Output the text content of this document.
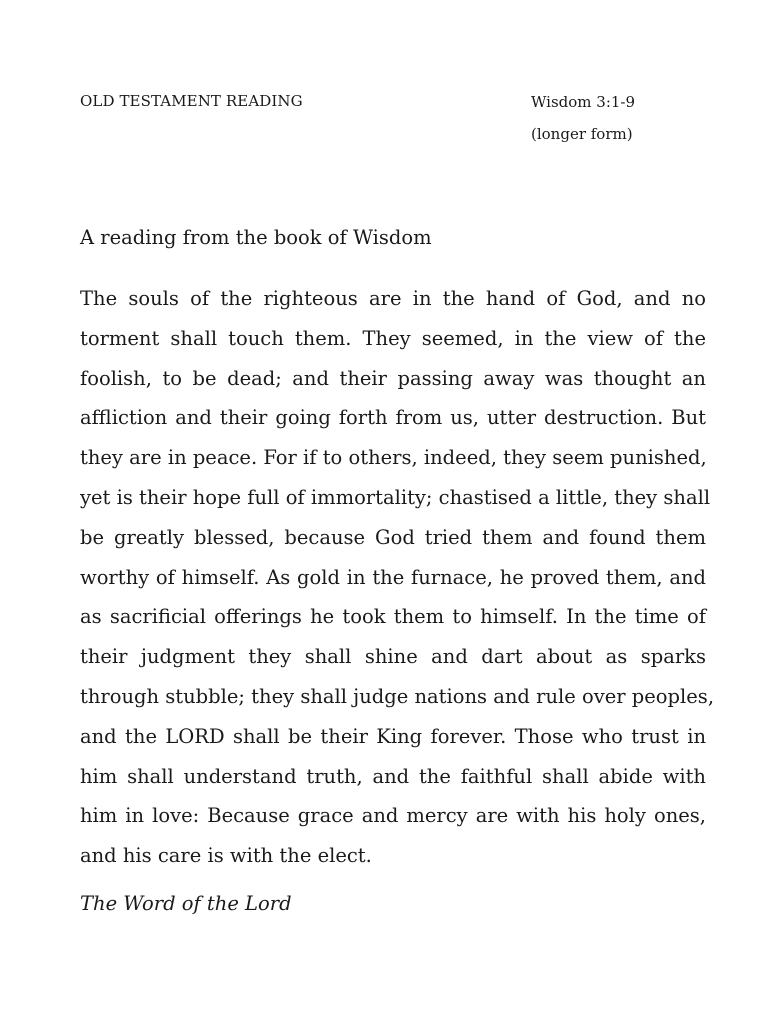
OLD TESTAMENT READING	Wisdom 3:1-9
(longer form)
A reading from the book of Wisdom
The souls of the righteous are in the hand of God, and no
torment shall touch them. They seemed, in the view of the
foolish, to be dead; and their passing away was thought an
affliction and their going forth from us, utter destruction. But
they are in peace. For if to others, indeed, they seem punished,
yet is their hope full of immortality; chastised a little, they shall
be greatly blessed, because God tried them and found them
worthy of himself. As gold in the furnace, he proved them, and
as sacrificial offerings he took them to himself. In the time of
their judgment they shall shine and dart about as sparks
through stubble; they shall judge nations and rule over peoples,
and the LORD shall be their King forever. Those who trust in
him shall understand truth, and the faithful shall abide with
him in love: Because grace and mercy are with his holy ones,
and his care is with the elect.
The Word of the Lord
